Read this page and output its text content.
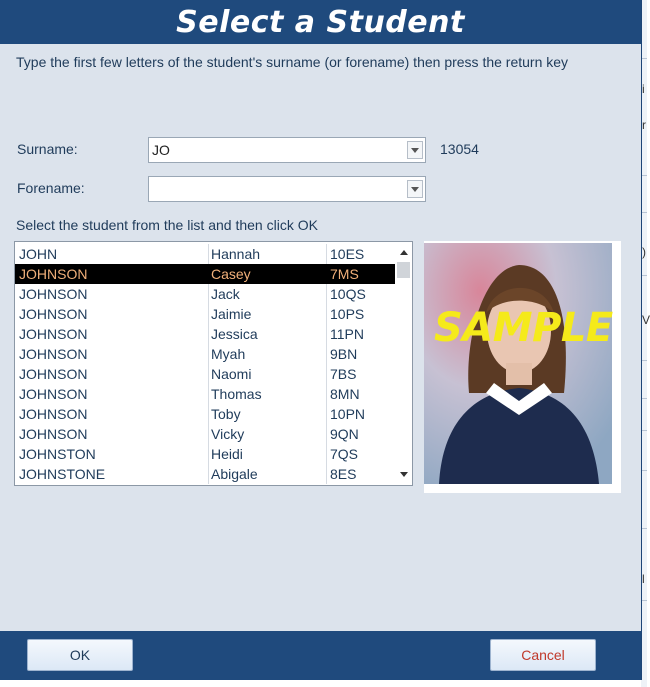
i
r
)
V
l
Select a Student
Type the first few letters of the student's surname (or forename) then press the return key
Surname:	JO	13054
Forename:
Select the student from the list and then click OK
JOHN	Hannah	10ES
JOHNSON	Casey	7MS
JOHNSON	Jack	10QS
JOHNSON	Jaimie	10PS
JOHNSON	Jessica	11PN
JOHNSON	Myah	9BN
JOHNSON	Naomi	7BS
JOHNSON	Thomas	8MN
JOHNSON	Toby	10PN
JOHNSON	Vicky	9QN
JOHNSTON	Heidi	7QS
JOHNSTONE	Abigale	8ES
SAMPLE
OK	Cancel
